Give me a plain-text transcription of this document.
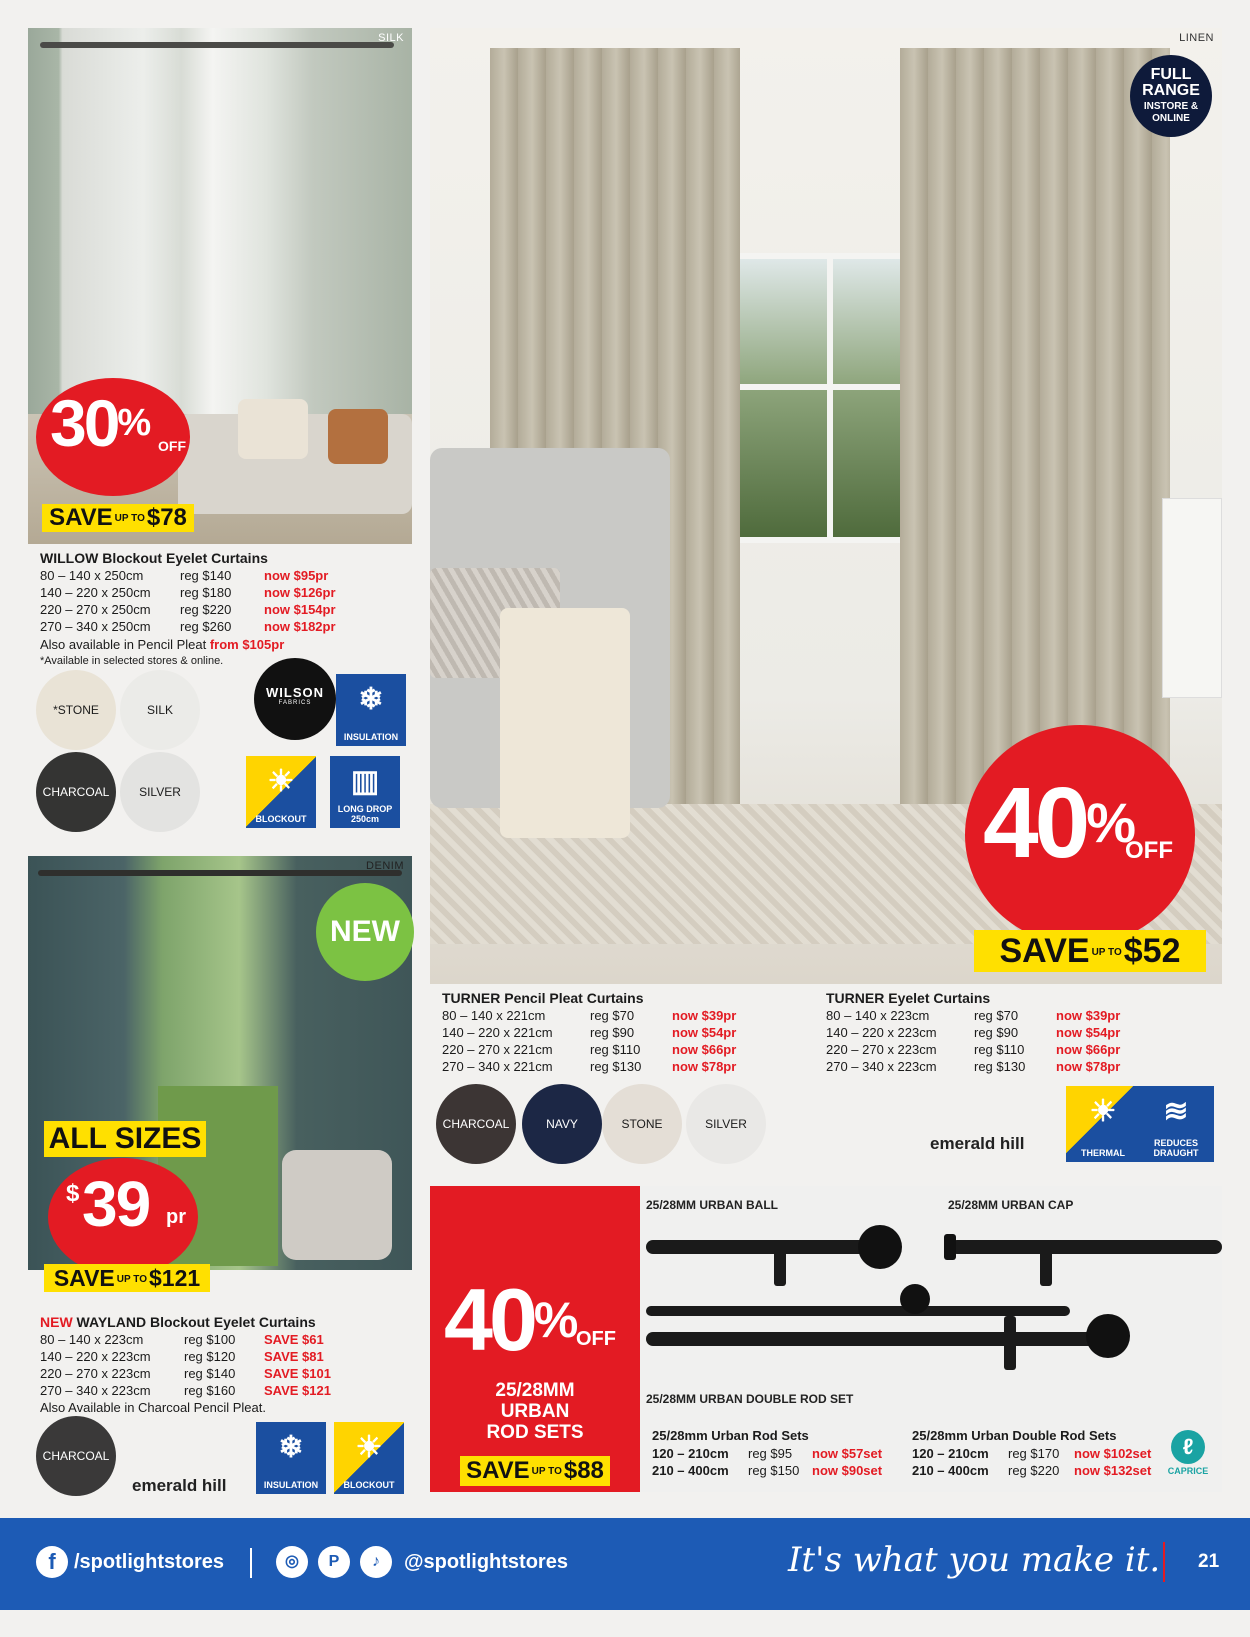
SILK
30%
OFF
SAVE UP TO$78
WILLOW Blockout Eyelet Curtains
80 – 140 x 250cm	reg $140	now $95pr
140 – 220 x 250cm	reg $180	now $126pr
220 – 270 x 250cm	reg $220	now $154pr
270 – 340 x 250cm	reg $260	now $182pr
Also available in Pencil Pleat from $105pr
*Available in selected stores & online.
*STONE	SILK
CHARCOAL	SILVER
WILSON
FABRICS	❄
INSULATION
☀
BLOCKOUT
▥
LONG DROP 250cm
LINEN
FULL
RANGE
INSTORE & ONLINE
40%
OFF
SAVE UP TO$52
TURNER Pencil Pleat Curtains
80 – 140 x 221cm	reg $70	now $39pr
140 – 220 x 221cm	reg $90	now $54pr
220 – 270 x 221cm	reg $110	now $66pr
270 – 340 x 221cm	reg $130	now $78pr
TURNER Eyelet Curtains
80 – 140 x 223cm	reg $70	now $39pr
140 – 220 x 223cm	reg $90	now $54pr
220 – 270 x 223cm	reg $110	now $66pr
270 – 340 x 223cm	reg $130	now $78pr
CHARCOAL	NAVY	STONE	SILVER
emerald hill
☀
THERMAL
≋
REDUCES DRAUGHT
DENIM
NEW
ALL SIZES
$ 39 pr
SAVE UP TO$121
NEW WAYLAND Blockout Eyelet Curtains
80 – 140 x 223cm	reg $100	SAVE $61
140 – 220 x 223cm	reg $120	SAVE $81
220 – 270 x 223cm	reg $140	SAVE $101
270 – 340 x 223cm	reg $160	SAVE $121
Also Available in Charcoal Pencil Pleat.
CHARCOAL
emerald hill
❄
INSULATION
☀
BLOCKOUT
40% OFF
25/28MM
URBAN
ROD SETS
25/28MM URBAN BALL	25/28MM URBAN CAP
25/28MM URBAN DOUBLE ROD SET
SAVE UP TO$88
25/28mm Urban Rod Sets
120 – 210cm	reg $95	now $57set
210 – 400cm	reg $150 now $90set
25/28mm Urban Double Rod Sets
120 – 210cm	reg $170	now $102set
210 – 400cm	reg $220	now $132set
ℓ
CAPRICE
f /spotlightstores	◎	P	♪	@spotlightstores	It's what you make it. 21
